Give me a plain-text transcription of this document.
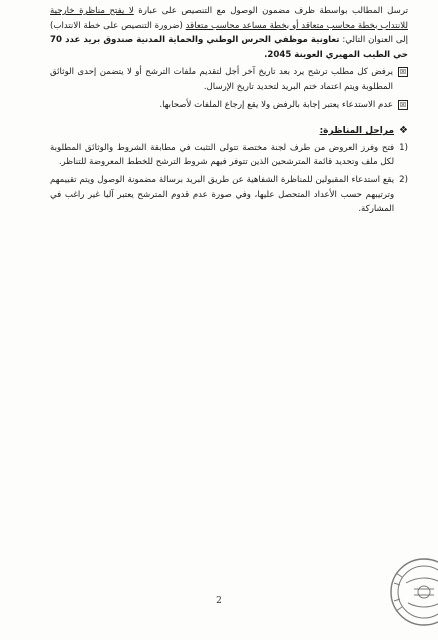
ترسل المطالب بواسطة ظرف مضمون الوصول مع التنصيص على عبارة لا يفتح مناظرة خارجية للانتداب بخطة محاسب متعاقد أو بخطة مساعد محاسب متعاقد (ضرورة التنصيص على خطة الانتداب) إلى العنوان التالي: تعاونية موظفي الحرس الوطني والحماية المدنية صندوق بريد عدد 70 حي الطيب المهيري العوينة 2045.

☒
يرفض كل مطلب ترشح يرد بعد تاريخ آخر أجل لتقديم ملفات الترشح أو لا يتضمن إحدى الوثائق المطلوبة ويتم اعتماد ختم البريد لتحديد تاريخ الإرسال.
☒
عدم الاستدعاء يعتبر إجابة بالرفض ولا يقع إرجاع الملفات لأصحابها.
❖
مراحل المناظرة:
(1
فتح وفرز العروض من طرف لجنة مختصة تتولى التثبت في مطابقة الشروط والوثائق المطلوبة لكل ملف وتحديد قائمة المترشحين الذين تتوفر فيهم شروط الترشح للخطط المعروضة للتناظر.
(2
يقع استدعاء المقبولين للمناظرة الشفاهية عن طريق البريد برسالة مضمونة الوصول ويتم تقييمهم وترتيبهم حسب الأعداد المتحصل عليها، وفي صورة عدم قدوم المترشح يعتبر آليا غير راغب في المشاركة.
2
